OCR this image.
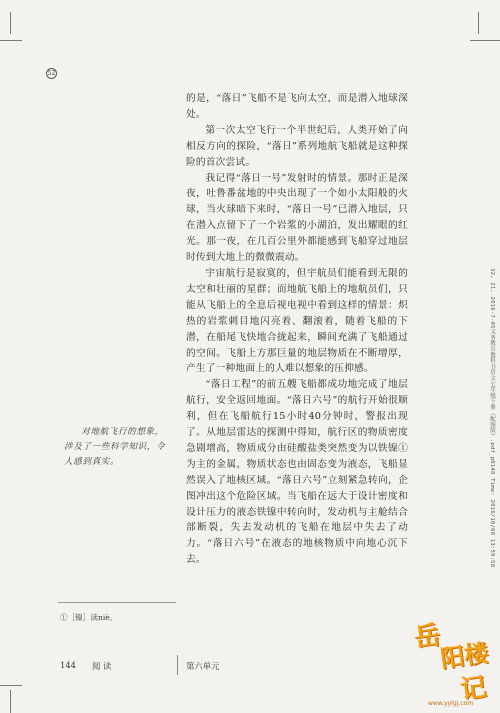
52

的是，“落日”飞船不是飞向太空，而是潜入地球深处。

第一次太空飞行一个半世纪后，人类开始了向相反方向的探险，“落日”系列地航飞船就是这种探险的首次尝试。

我记得“落日一号”发射时的情景。那时正是深夜，吐鲁番盆地的中央出现了一个如小太阳般的火球，当火球暗下来时，“落日一号”已潜入地层，只在潜入点留下了一个岩浆的小湖泊，发出耀眼的红光。那一夜，在几百公里外都能感到飞船穿过地层时传到大地上的微微震动。

宇宙航行是寂寞的，但宇航员们能看到无限的太空和壮丽的星群；而地航飞船上的地航员们，只能从飞船上的全息后视电视中看到这样的情景：炽热的岩浆刺目地闪亮着、翻滚着，随着飞船的下潜，在船尾飞快地合拢起来，瞬间充满了飞船通过的空间。飞船上方那巨量的地层物质在不断增厚，产生了一种地面上的人难以想象的压抑感。

“落日工程”的前五艘飞船都成功地完成了地层航行，安全返回地面。“落日六号”的航行开始很顺利，但在飞船航行15小时40分钟时，警报出现了。从地层雷达的探测中得知，航行区的物质密度急剧增高，物质成分由硅酸盐类突然变为以铁镍①为主的金属，物质状态也由固态变为液态，飞船显然误入了地核区域。“落日六号”立刻紧急转向，企图冲出这个危险区域。当飞船在远大于设计密度和设计压力的液态铁镍中转向时，发动机与主舱结合部断裂，失去发动机的飞船在地层中失去了动力。“落日六号”在液态的地核物质中向地心沉下去。

对地航飞行的想象，涉及了一些科学知识，令人感到真实。
①［镍］读niè。
144 阅 读	第六单元
32, 21, 2016-7-05义务教育教科书语文七年级下册（配图版）.pdf_p0148 Time: 2016/10/08 13:59:58
岳
阳楼
记
www.yylgj.com
